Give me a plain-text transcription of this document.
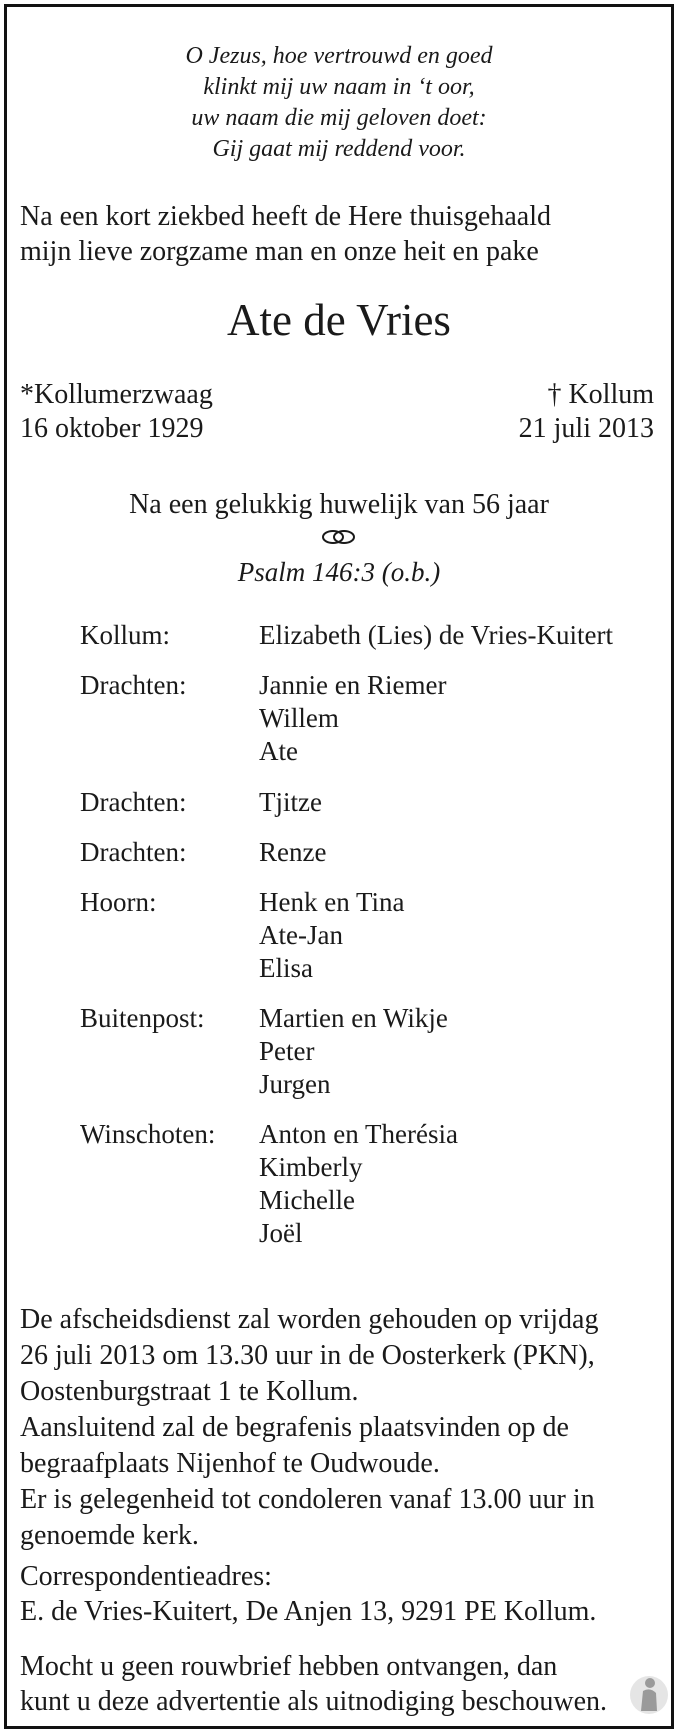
O Jezus, hoe vertrouwd en goed
klinkt mij uw naam in ‘t oor,
uw naam die mij geloven doet:
Gij gaat mij reddend voor.
Na een kort ziekbed heeft de Here thuisgehaald
mijn lieve zorgzame man en onze heit en pake
Ate de Vries
*Kollumerzwaag
16 oktober 1929
† Kollum
21 juli 2013
Na een gelukkig huwelijk van 56 jaar
Psalm 146:3 (o.b.)
Kollum:	Elizabeth (Lies) de Vries-Kuitert
Drachten:	Jannie en Riemer
Willem
Ate
Drachten:	Tjitze
Drachten:	Renze
Hoorn:	Henk en Tina
Ate-Jan
Elisa
Buitenpost: Martien en Wikje
Peter
Jurgen
Winschoten: Anton en Therésia
Kimberly
Michelle
Joël
De afscheidsdienst zal worden gehouden op vrijdag
26 juli 2013 om 13.30 uur in de Oosterkerk (PKN),
Oostenburgstraat 1 te Kollum.
Aansluitend zal de begrafenis plaatsvinden op de
begraafplaats Nijenhof te Oudwoude.
Er is gelegenheid tot condoleren vanaf 13.00 uur in
genoemde kerk.
Correspondentieadres:
E. de Vries-Kuitert, De Anjen 13, 9291 PE Kollum.
Mocht u geen rouwbrief hebben ontvangen, dan
kunt u deze advertentie als uitnodiging beschouwen.
